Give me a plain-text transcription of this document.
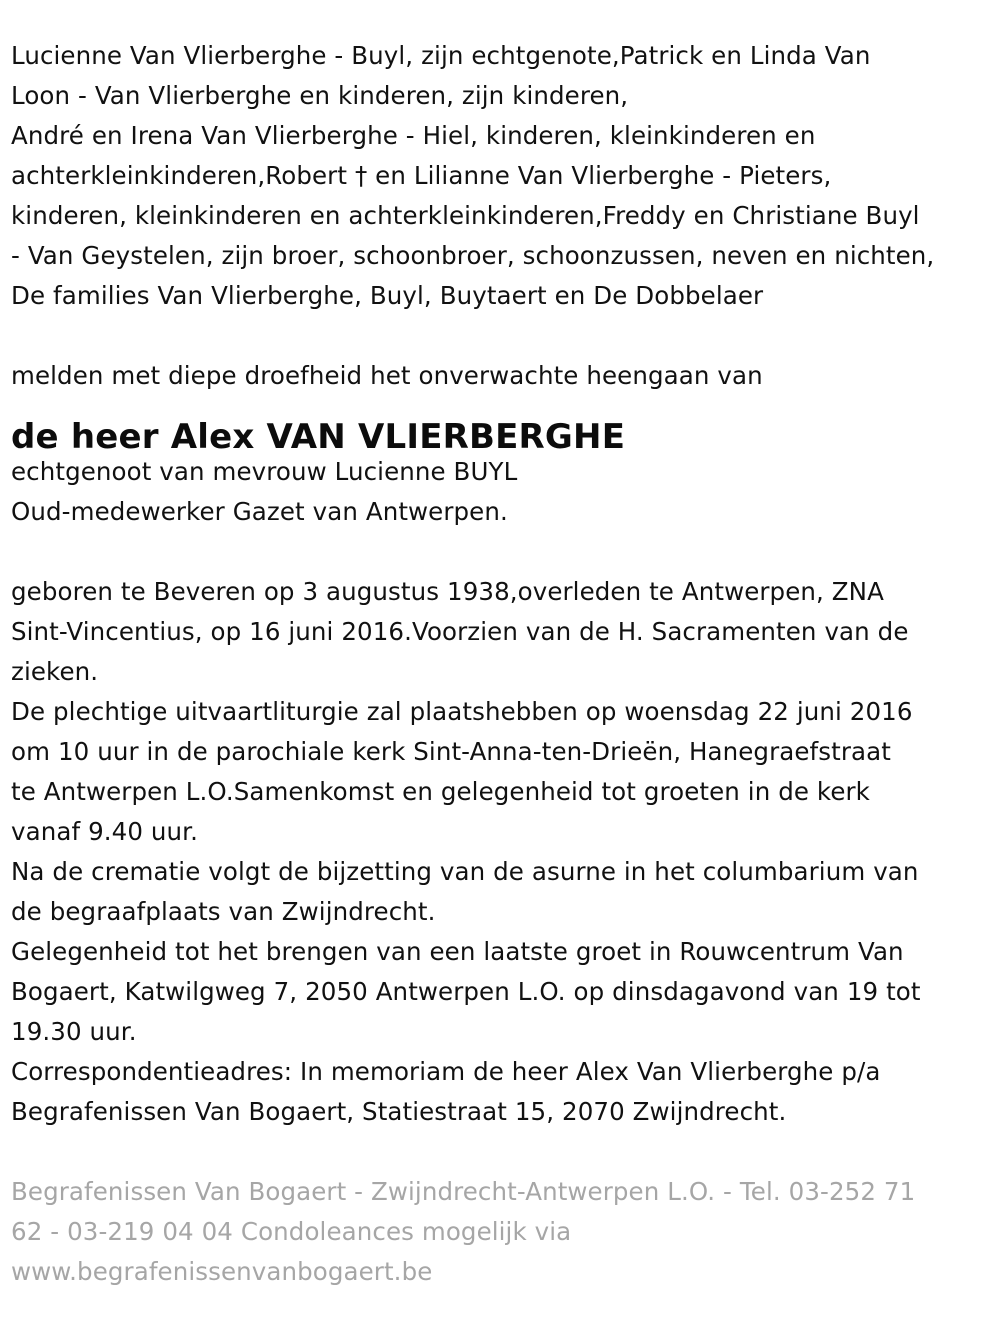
Lucienne Van Vlierberghe - Buyl, zijn echtgenote,Patrick en Linda Van
Loon - Van Vlierberghe en kinderen, zijn kinderen,
André en Irena Van Vlierberghe - Hiel, kinderen, kleinkinderen en
achterkleinkinderen,Robert † en Lilianne Van Vlierberghe - Pieters,
kinderen, kleinkinderen en achterkleinkinderen,Freddy en Christiane Buyl
- Van Geystelen, zijn broer, schoonbroer, schoonzussen, neven en nichten,
De families Van Vlierberghe, Buyl, Buytaert en De Dobbelaer
melden met diepe droefheid het onverwachte heengaan van
de heer Alex VAN VLIERBERGHE
echtgenoot van mevrouw Lucienne BUYL
Oud-medewerker Gazet van Antwerpen.
geboren te Beveren op 3 augustus 1938,overleden te Antwerpen, ZNA
Sint-Vincentius, op 16 juni 2016.Voorzien van de H. Sacramenten van de
zieken.
De plechtige uitvaartliturgie zal plaatshebben op woensdag 22 juni 2016
om 10 uur in de parochiale kerk Sint-Anna-ten-Drieën, Hanegraefstraat
te Antwerpen L.O.Samenkomst en gelegenheid tot groeten in de kerk
vanaf 9.40 uur.
Na de crematie volgt de bijzetting van de asurne in het columbarium van
de begraafplaats van Zwijndrecht.
Gelegenheid tot het brengen van een laatste groet in Rouwcentrum Van
Bogaert, Katwilgweg 7, 2050 Antwerpen L.O. op dinsdagavond van 19 tot
19.30 uur.
Correspondentieadres: In memoriam de heer Alex Van Vlierberghe p/a
Begrafenissen Van Bogaert, Statiestraat 15, 2070 Zwijndrecht.
Begrafenissen Van Bogaert - Zwijndrecht-Antwerpen L.O. - Tel. 03-252 71
62 - 03-219 04 04 Condoleances mogelijk via
www.begrafenissenvanbogaert.be
